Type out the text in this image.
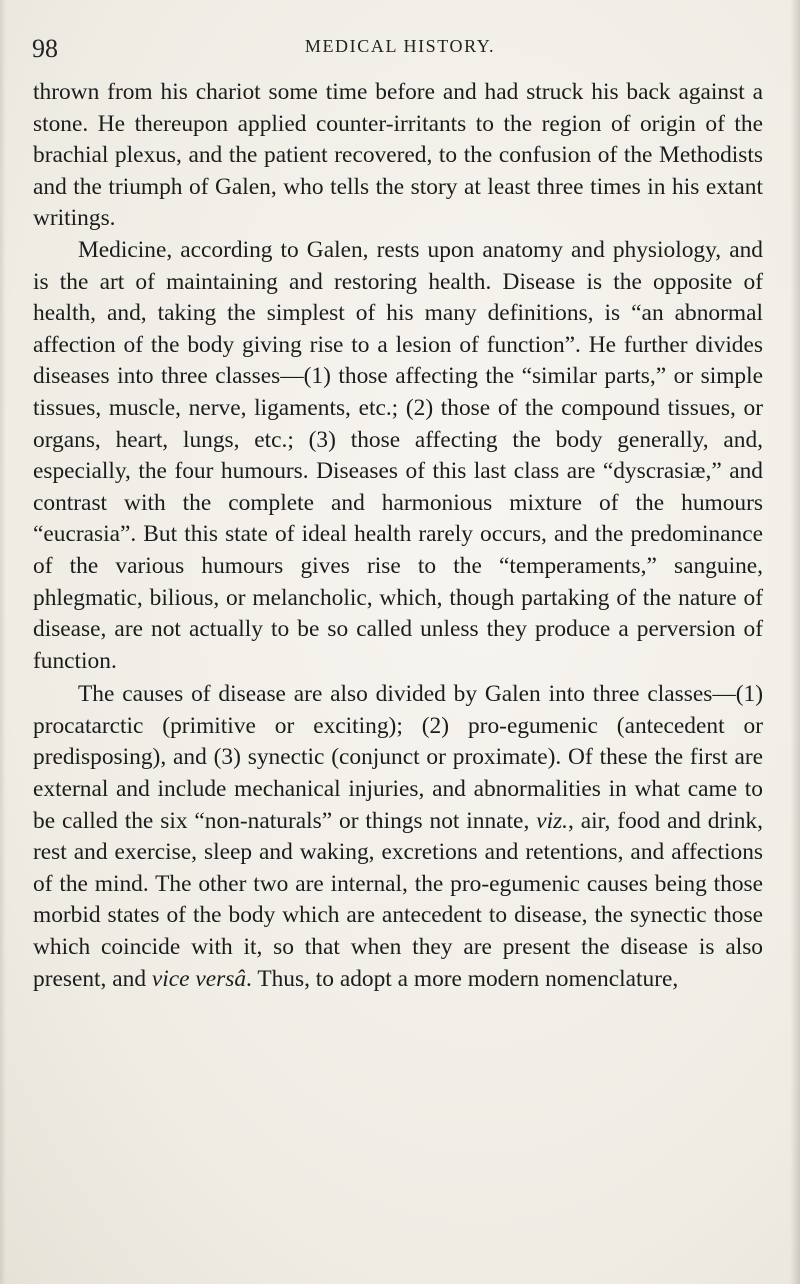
98	MEDICAL HISTORY.

thrown from his chariot some time before and had struck his back against a stone. He thereupon applied counter-irritants to the region of origin of the brachial plexus, and the patient recovered, to the confusion of the Methodists and the triumph of Galen, who tells the story at least three times in his extant writings.

Medicine, according to Galen, rests upon anatomy and physiology, and is the art of maintaining and restoring health. Disease is the opposite of health, and, taking the simplest of his many definitions, is “an abnormal affection of the body giving rise to a lesion of function”. He further divides diseases into three classes—(1) those affecting the “similar parts,” or simple tissues, muscle, nerve, ligaments, etc.; (2) those of the compound tissues, or organs, heart, lungs, etc.; (3) those affecting the body generally, and, especially, the four humours. Diseases of this last class are “dyscrasiæ,” and contrast with the complete and harmonious mixture of the humours “eucrasia”. But this state of ideal health rarely occurs, and the predominance of the various humours gives rise to the “temperaments,” sanguine, phlegmatic, bilious, or melancholic, which, though partaking of the nature of disease, are not actually to be so called unless they produce a perversion of function.

The causes of disease are also divided by Galen into three classes—(1) procatarctic (primitive or exciting); (2) pro-egumenic (antecedent or predisposing), and (3) synectic (conjunct or proximate). Of these the first are external and include mechanical injuries, and abnormalities in what came to be called the six “non-naturals” or things not innate, viz., air, food and drink, rest and exercise, sleep and waking, excretions and retentions, and affections of the mind. The other two are internal, the pro-egumenic causes being those morbid states of the body which are antecedent to disease, the synectic those which coincide with it, so that when they are present the disease is also present, and vice versâ. Thus, to adopt a more modern nomenclature,
